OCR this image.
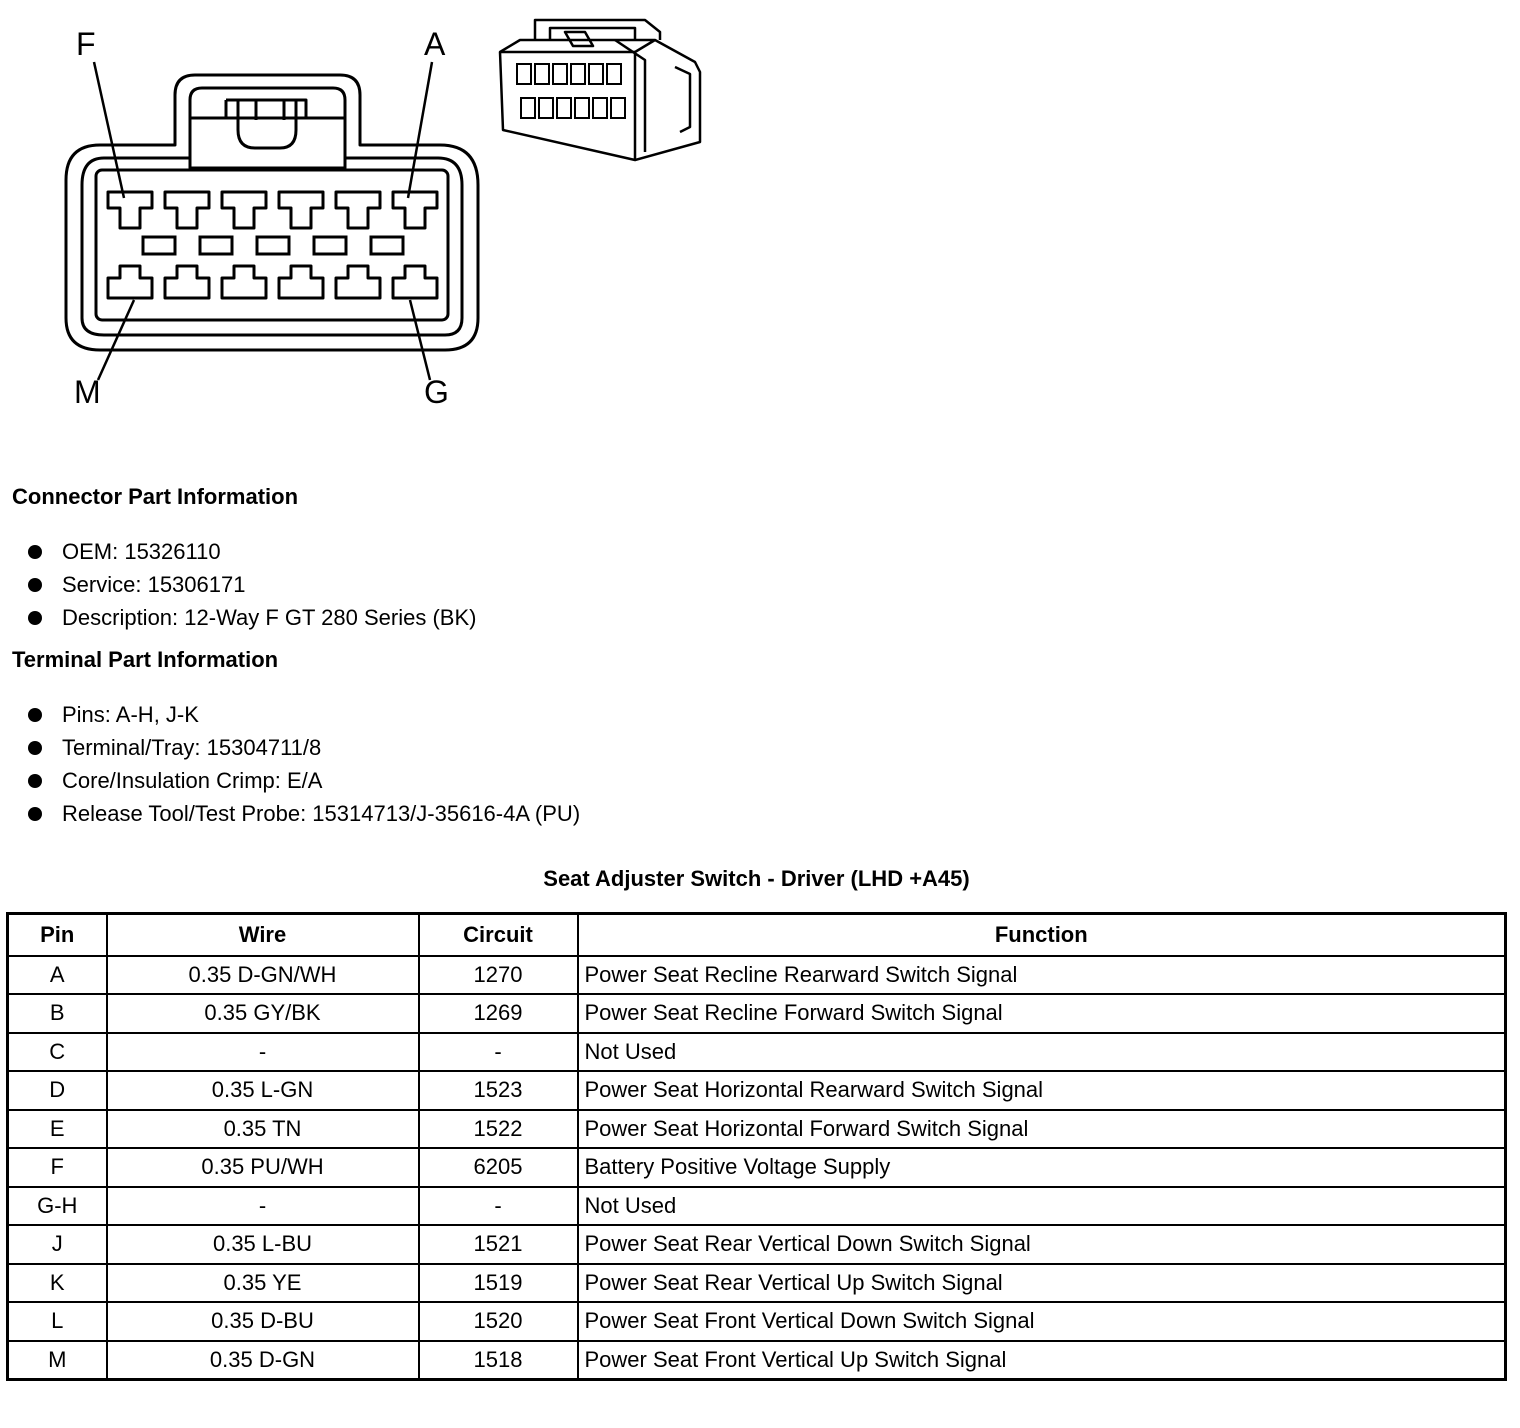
F	A
M	G
Connector Part Information
OEM: 15326110
Service: 15306171
Description: 12-Way F GT 280 Series (BK)
Terminal Part Information
Pins: A-H, J-K
Terminal/Tray: 15304711/8
Core/Insulation Crimp: E/A
Release Tool/Test Probe: 15314713/J-35616-4A (PU)
Seat Adjuster Switch - Driver (LHD +A45)
Pin	Wire	Circuit	Function
A	0.35 D-GN/WH	1270	Power Seat Recline Rearward Switch Signal
B	0.35 GY/BK	1269	Power Seat Recline Forward Switch Signal
C	-	-	Not Used
D	0.35 L-GN	1523	Power Seat Horizontal Rearward Switch Signal
E	0.35 TN	1522	Power Seat Horizontal Forward Switch Signal
F	0.35 PU/WH	6205	Battery Positive Voltage Supply
G-H	-	-	Not Used
J	0.35 L-BU	1521	Power Seat Rear Vertical Down Switch Signal
K	0.35 YE	1519	Power Seat Rear Vertical Up Switch Signal
L	0.35 D-BU	1520	Power Seat Front Vertical Down Switch Signal
M	0.35 D-GN	1518	Power Seat Front Vertical Up Switch Signal
